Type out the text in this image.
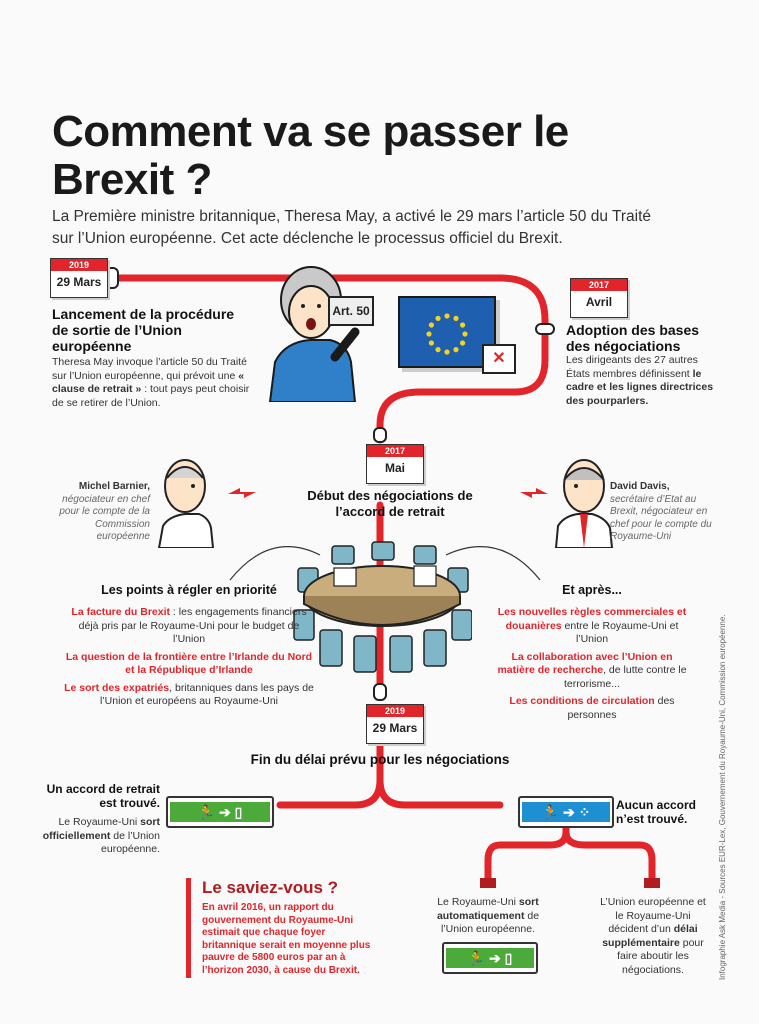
Comment va se passer le Brexit ?
La Première ministre britannique, Theresa May, a activé le 29 mars l’article 50 du Traité sur l’Union européenne. Cet acte déclenche le processus officiel du Brexit.
2019
29 Mars
Lancement de la procédure de sortie de l’Union européenne
Theresa May invoque l’article 50 du Traité sur l’Union européenne, qui prévoit une « clause de retrait » : tout pays peut choisir de se retirer de l’Union.
Art. 50
✕
2017
Avril
Adoption des bases des négociations
Les dirigeants des 27 autres États membres définissent le cadre et les lignes directrices des pourparlers.
2017
Mai
Début des négociations de l’accord de retrait
Michel Barnier,
négociateur en chef pour le compte de la Commission européenne
David Davis,
secrétaire d’Etat au Brexit, négociateur en chef pour le compte du Royaume-Uni
Les points à régler en priorité
La facture du Brexit : les engagements financiers déjà pris par le Royaume-Uni pour le budget de l’Union
La question de la frontière entre l’Irlande du Nord et la République d’Irlande
Le sort des expatriés, britanniques dans les pays de l’Union et européens au Royaume-Uni
Et après...
Les nouvelles règles commerciales et douanières entre le Royaume-Uni et l’Union
La collaboration avec l’Union en matière de recherche, de lutte contre le terrorisme...
Les conditions de circulation des personnes
2019
29 Mars
Fin du délai prévu pour les négociations
Un accord de retrait est trouvé.
Le Royaume-Uni sort officiellement de l’Union européenne.
🏃 ➔ ▯	🏃 ➔ ⁘	Aucun accord n’est trouvé.
Le Royaume-Uni sort automatiquement de l’Union européenne.
🏃 ➔ ▯
L’Union européenne et le Royaume-Uni décident d’un délai supplémentaire pour faire aboutir les négociations.
Le saviez-vous ?
En avril 2016, un rapport du gouvernement du Royaume-Uni estimait que chaque foyer britannique serait en moyenne plus pauvre de 5800 euros par an à l’horizon 2030, à cause du Brexit.	Infographie Ask Media - Sources EUR-Lex, Gouvernement du Royaume-Uni, Commission européenne.
